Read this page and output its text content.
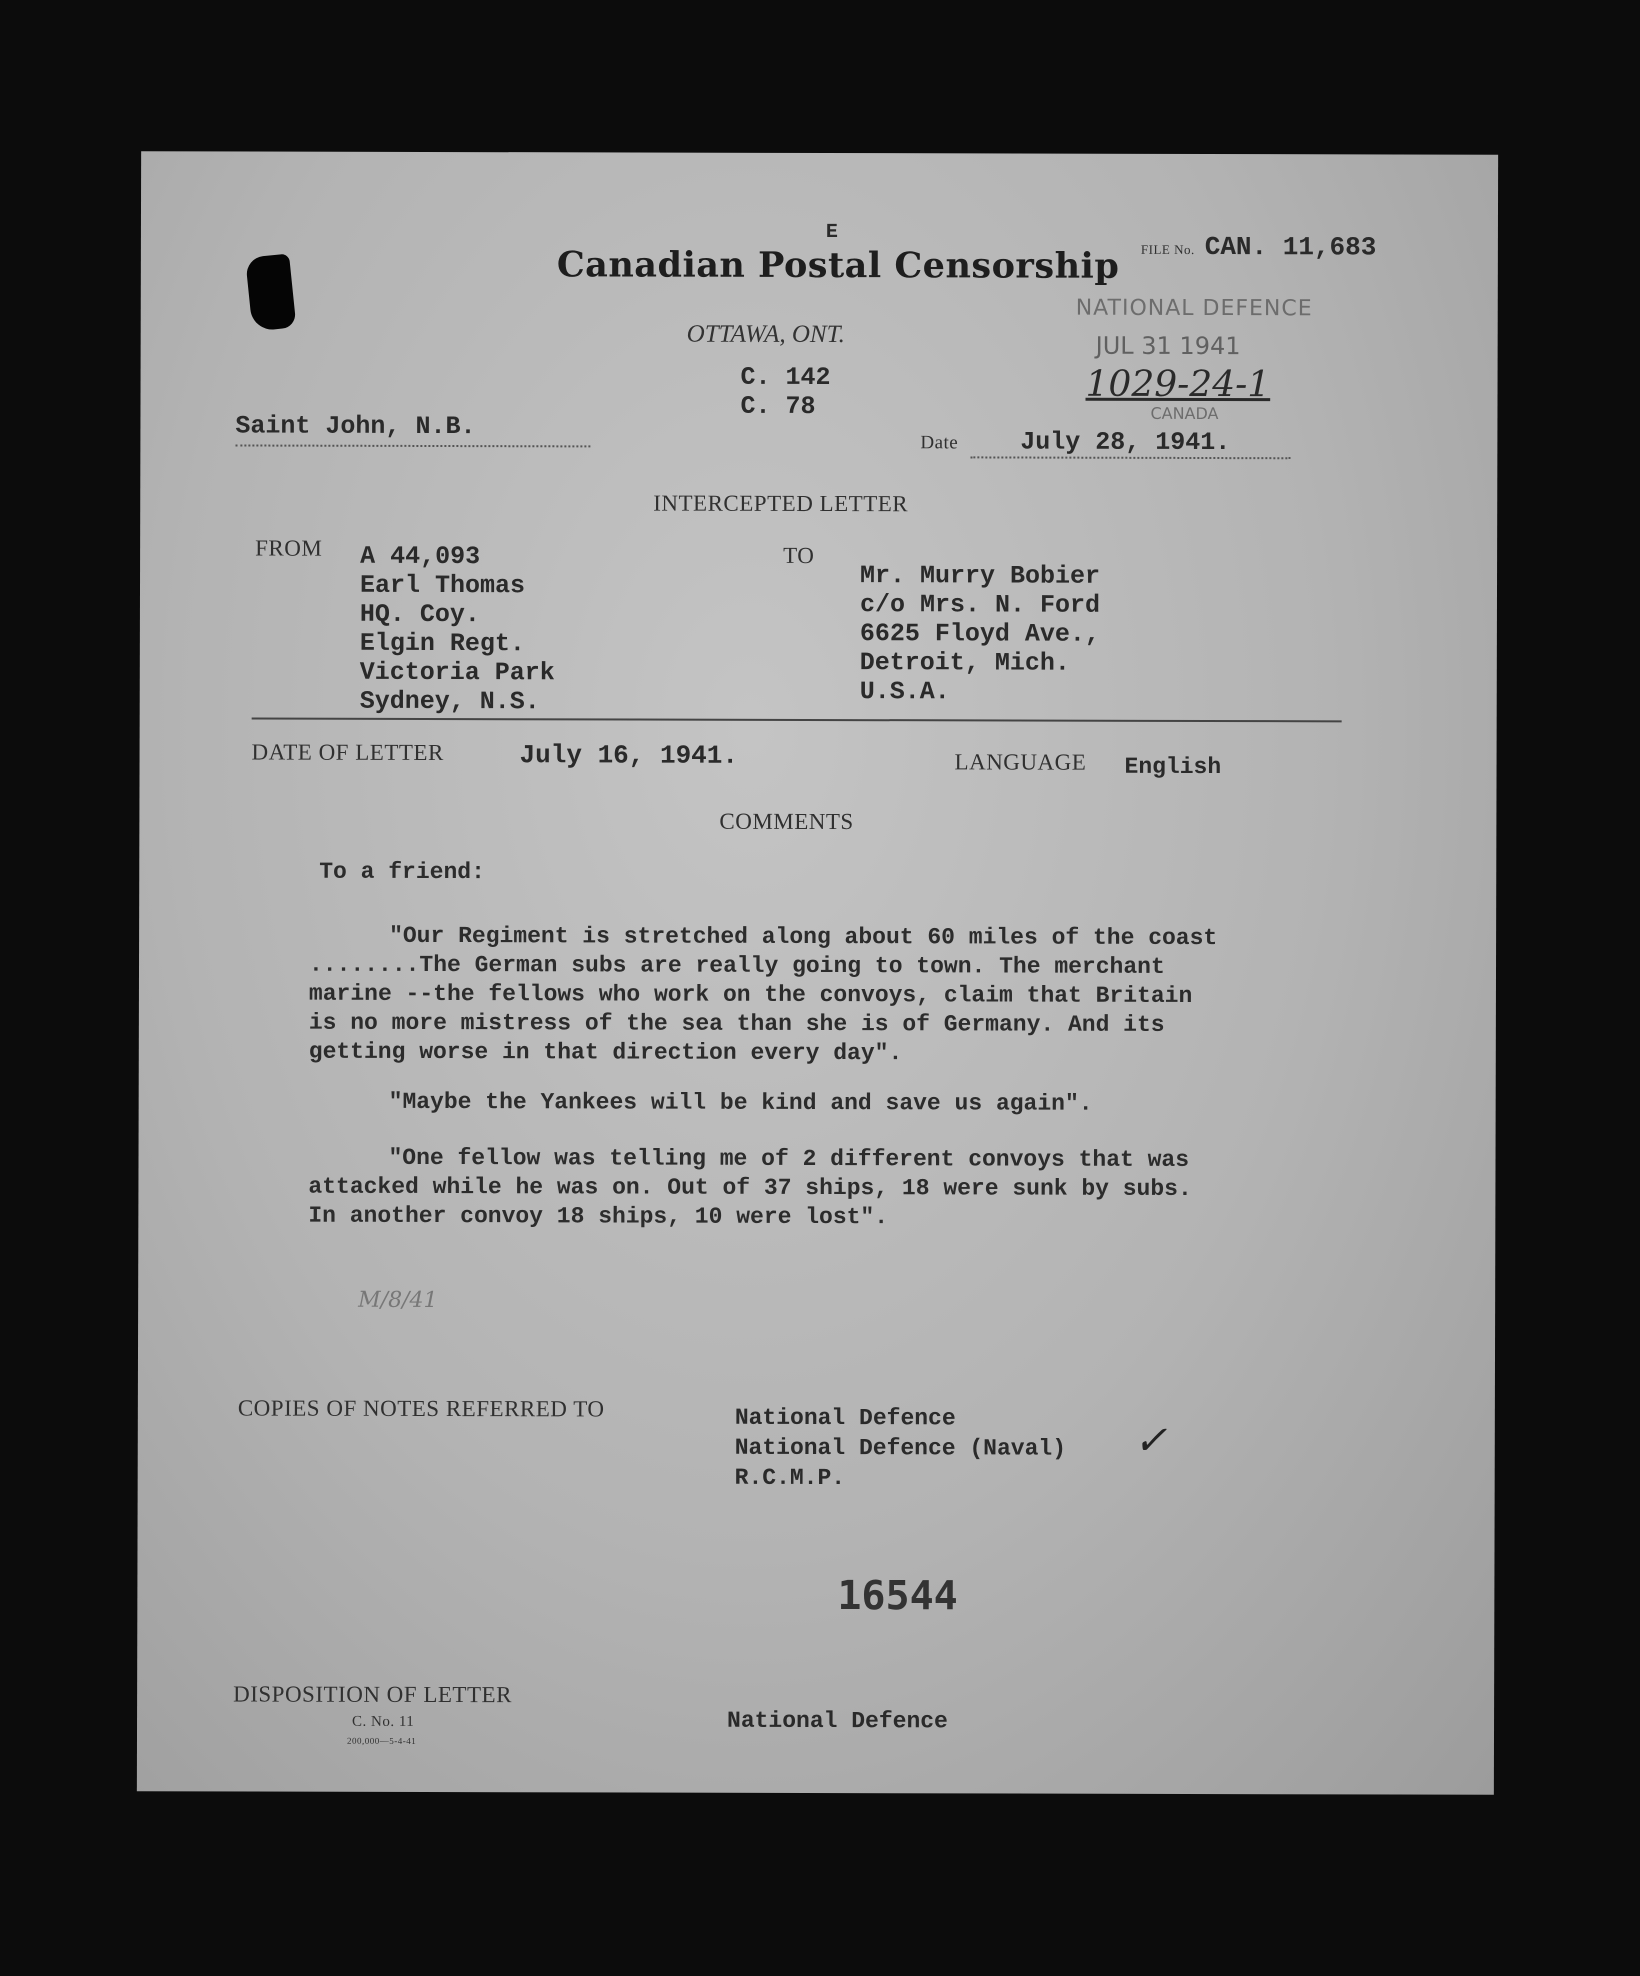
E
FILE No. CAN. 11,683
Canadian Postal Censorship
OTTAWA, ONT.
C. 142
C. 78
NATIONAL DEFENCE
JUL 31 1941
1029-24-1
CANADA
Saint John, N.B.
Date July 28, 1941.
INTERCEPTED LETTER
FROM A 44,093
Earl Thomas
HQ. Coy.
Elgin Regt.
Victoria Park
Sydney, N.S.
TO
Mr. Murry Bobier
c/o Mrs. N. Ford
6625 Floyd Ave.,
Detroit, Mich.
U.S.A.
DATE OF LETTER	July 16, 1941.	LANGUAGE English
COMMENTS
To a friend:
"Our Regiment is stretched along about 60 miles of the coast
........The German subs are really going to town. The merchant
marine --the fellows who work on the convoys, claim that Britain
is no more mistress of the sea than she is of Germany. And its
getting worse in that direction every day".
"Maybe the Yankees will be kind and save us again".
"One fellow was telling me of 2 different convoys that was
attacked while he was on. Out of 37 ships, 18 were sunk by subs.
In another convoy 18 ships, 10 were lost".
M/8/41
COPIES OF NOTES REFERRED TO	National Defence
National Defence (Naval)
R.C.M.P.
✓
16544
DISPOSITION OF LETTER
C. No. 11
200,000—5-4-41
National Defence
